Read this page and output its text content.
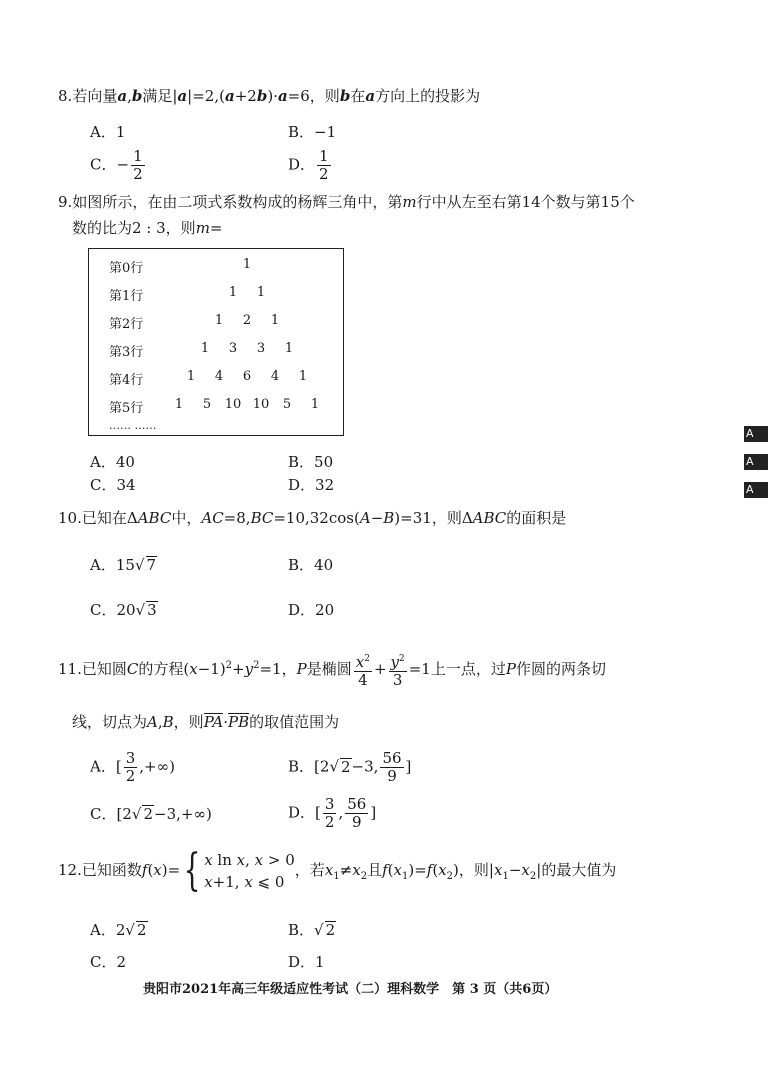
8.若向量a,b满足|a|=2,(a+2b)·a=6，则b在a方向上的投影为
A．1	B．−1
C．− $\frac{1}{2}$	D． $\frac{1}{2}$
9.如图所示，在由二项式系数构成的杨辉三角中，第m行中从左至右第14个数与第15个
数的比为2 : 3，则m=
第0行	1
第1行	1	1
第2行	1	2	1
第3行	1	3	3	1
第4行	1	4	6	4	1
第5行	1	5	10 10	5	1
…… ……
A．40	B．50
C．34	D．32
10.已知在ΔABC中，AC=8,BC=10,32cos(A−B)=31，则ΔABC的面积是
A．15√ 7	B．40
C．20√ 3	D．20
11.已知圆C的方程$(x-1)^2+y^2=1$，P是椭圆 $\frac{x^2}{4} + \frac{y^2}{3} =1$上一点，过P作圆的两条切
线，切点为A,B，则PA·PB的取值范围为
A．[ $\frac{3}{2}$ ,+∞)	B．[2√ 2−3, $\frac{56}{9}$ ]
C．[2√ 2−3,+∞)	D．[ $\frac{3}{2}$ , $\frac{56}{9}$ ]
12.已知函数f(x)={ x ln x, x > 0
x+1, x ⩽ 0
，若$x_1\ne x_2$且$f(x_1)=f(x_2)$，则$|x_1-x_2|$的最大值为
A．2√ 2	B．√ 2
C．2	D．1
A
A
A
贵阳市2021年高三年级适应性考试（二）理科数学　第 3 页（共6页）
